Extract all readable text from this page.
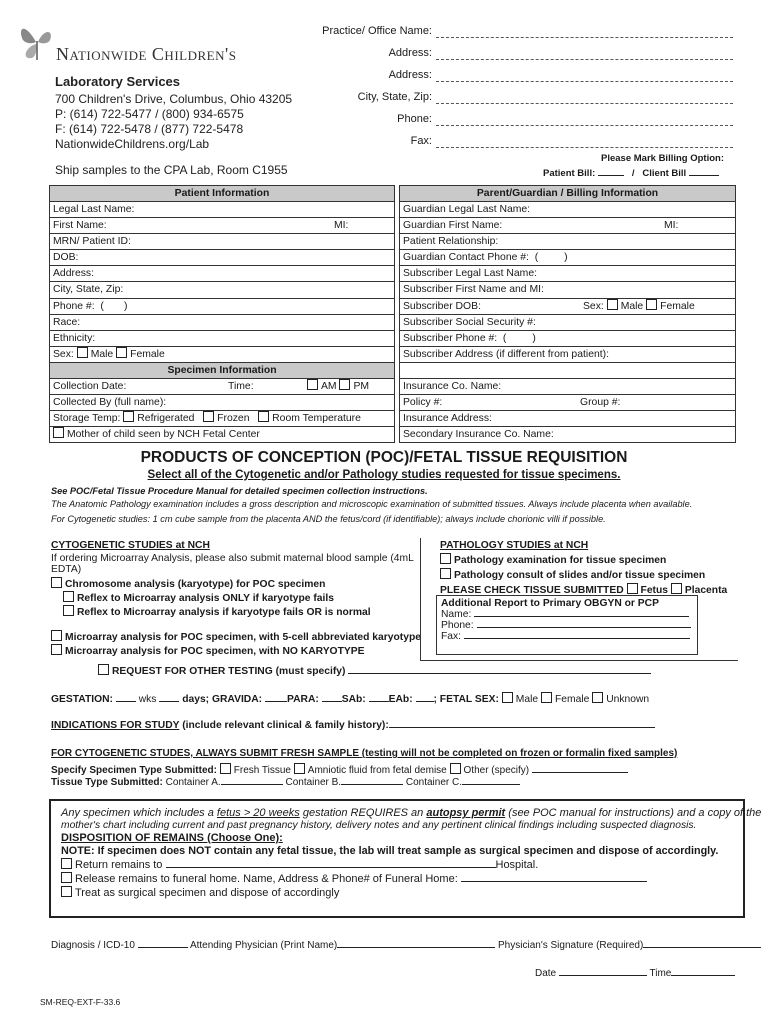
Nationwide Children's
Laboratory Services
700 Children's Drive, Columbus, Ohio 43205
P: (614) 722-5477 / (800) 934-6575
F: (614) 722-5478 / (877) 722-5478
NationwideChildrens.org/Lab
Ship samples to the CPA Lab, Room C1955
Practice/ Office Name:
Address:
Address:
City, State, Zip:
Phone:
Fax:
Please Mark Billing Option:
Patient Bill:	/   Client Bill
Patient Information
Legal Last Name:
First Name:	MI:
MRN/ Patient ID:
DOB:
Address:
City, State, Zip:
Phone #:  (       )
Race:
Ethnicity:
Sex: Male Female
Specimen Information
Collection Date:	Time:	AM PM
Collected By (full name):
Storage Temp: Refrigerated Frozen Room Temperature
Mother of child seen by NCH Fetal Center
Parent/Guardian / Billing Information
Guardian Legal Last Name:
Guardian First Name:	MI:
Patient Relationship:
Guardian Contact Phone #:  (         )
Subscriber Legal Last Name:
Subscriber First Name and MI:
Subscriber DOB:	Sex: Male Female
Subscriber Social Security #:
Subscriber Phone #:  (         )
Subscriber Address (if different from patient):
Insurance Co. Name:
Policy #:	Group #:
Insurance Address:
Secondary Insurance Co. Name:
PRODUCTS OF CONCEPTION (POC)/FETAL TISSUE REQUISITION
Select all of the Cytogenetic and/or Pathology studies requested for tissue specimens.
See POC/Fetal Tissue Procedure Manual for detailed specimen collection instructions.
The Anatomic Pathology examination includes a gross description and microscopic examination of submitted tissues. Always include placenta when available.
For Cytogenetic studies: 1 cm cube sample from the placenta AND the fetus/cord (if identifiable); always include chorionic villi if possible.
CYTOGENETIC STUDIES at NCH
If ordering Microarray Analysis, please also submit maternal blood sample (4mL EDTA)
Chromosome analysis (karyotype) for POC specimen
Reflex to Microarray analysis ONLY if karyotype fails
Reflex to Microarray analysis if karyotype fails OR is normal
Microarray analysis for POC specimen, with 5-cell abbreviated karyotype
Microarray analysis for POC specimen, with NO KARYOTYPE
PATHOLOGY STUDIES at NCH
Pathology examination for tissue specimen
Pathology consult of slides and/or tissue specimen
PLEASE CHECK TISSUE SUBMITTED Fetus Placenta
Additional Report to Primary OBGYN or PCP
Name:
Phone:
Fax:
REQUEST FOR OTHER TESTING (must specify)
GESTATION:	wks	days; GRAVIDA: PARA: SAb: EAb: ; FETAL SEX: Male Female Unknown
INDICATIONS FOR STUDY (include relevant clinical & family history):
FOR CYTOGENETIC STUDES, ALWAYS SUBMIT FRESH SAMPLE (testing will not be completed on frozen or formalin fixed samples)
Specify Specimen Type Submitted: Fresh Tissue Amniotic fluid from fetal demise Other (specify)
Tissue Type Submitted: Container A.	Container B.	Container C.
Any specimen which includes a fetus > 20 weeks gestation REQUIRES an autopsy permit (see POC manual for instructions) and a copy of the
mother's chart including current and past pregnancy history, delivery notes and any pertinent clinical findings including suspected diagnosis.
DISPOSITION OF REMAINS (Choose One):
NOTE: If specimen does NOT contain any fetal tissue, the lab will treat sample as surgical specimen and dispose of accordingly.
Return remains to	Hospital.
Release remains to funeral home. Name, Address & Phone# of Funeral Home:
Treat as surgical specimen and dispose of accordingly
Diagnosis / ICD-10	Attending Physician (Print Name)	Physician's Signature (Required)
Date	Time
SM-REQ-EXT-F-33.6
